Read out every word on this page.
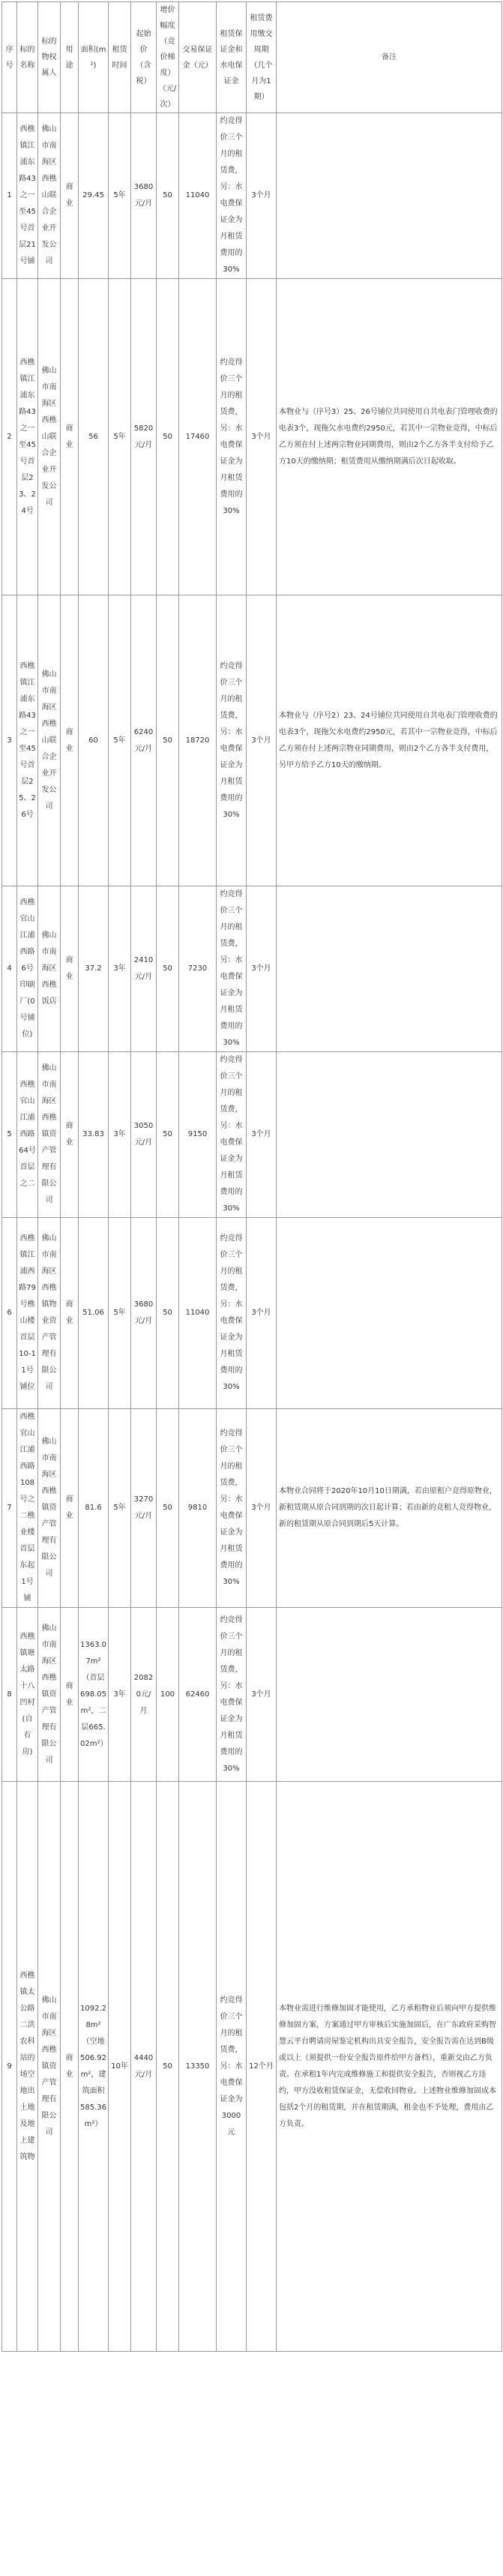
序号	标的名称	标的物权属人	用途	面积(m²)	租赁时间	起始价（含税）	增价幅度（竞价梯度）（元/次）	交易保证金（元）	租赁保证金和水电保证金	租赁费用缴交周期（几个月为1期）	备注
1	西樵镇江浦东路43之一至45号首层21号铺	佛山市南海区西樵山联合企业开发公司	商业	29.45	5年	3680元/月	50	11040	约竞得价三个月的租赁费，另：水电费保证金为月租赁费用的30%	3个月	
2	西樵镇江浦东路43之一至45号首层23、24号	佛山市南海区西樵山联合企业开发公司	商业	56	5年	5820元/月	50	17460	约竞得价三个月的租赁费，另：水电费保证金为月租赁费用的30%	3个月	本物业与（序号3）25、26号铺位共同使用自共电表门管理收费的电表3个，现拖欠水电费约2950元，若其中一宗物业竞得，中标后乙方须在付上述两宗物业同期费用，则由2个乙方各半支付给予乙方10天的缴纳期；租赁费用从缴纳期满后次日起收取。
3	西樵镇江浦东路43之一至45号首层25、26号	佛山市南海区西樵山联合企业开发公司	商业	60	5年	6240元/月	50	18720	约竞得价三个月的租赁费，另：水电费保证金为月租赁费用的30%	3个月	本物业与（序号2）23、24号铺位共同使用自共电表门管理收费的电表3个，现拖欠水电费约2950元，若其中一宗物业竞得，中标后乙方须在付上述两宗物业同期费用，则由2个乙方各半支付费用，另甲方给予乙方10天的缴纳期。
4	西樵官山江浦西路6号印刷厂(0号铺位)	佛山市南海区西樵饭店	商业	37.2	3年	2410元/月	50	7230	约竞得价三个月的租赁费，另：水电费保证金为月租赁费用的30%	3个月	
5	西樵官山江浦西路64号首层之二	佛山市南海区西樵镇资产管理有限公司	商业	33.83	3年	3050元/月	50	9150	约竞得价三个月的租赁费，另：水电费保证金为月租赁费用的30%	3个月	
6	西樵镇江浦西路79号樵山楼首层10-11号铺位	佛山市南海区西樵镇物业资产管理有限公司	商业	51.06	5年	3680元/月	50	11040	约竞得价三个月的租赁费，另：水电费保证金为月租赁费用的30%	3个月	
7	西樵官山江浦西路108号之二樵业楼首层东起1号铺	佛山市南海区西樵镇资产管理有限公司	商业	81.6	5年	3270元/月	50	9810	约竞得价三个月的租赁费，另：水电费保证金为月租赁费用的30%	3个月	本物业合同将于2020年10月10日期满，若由原租户竞得原物业，新租赁期从原合同到期的次日起计算；若由新的竞租人竞得物业，新的租赁期从原合同到期后5天计算。
8	西樵镇塘太路十八凹村(自有房)	佛山市南海区西樵镇资产管理有限公司	商业	1363.07m²（首层698.05m²，二层665.02m²）	3年	20820元/月	100	62460	约竞得价三个月的租赁费，另：水电费保证金为月租赁费用的30%	3个月	
9	西樵镇太公路二洪农科站的场空地出土地及地上建筑物	佛山市南海区西樵镇资产管理有限公司	商业	1092.28m²（空地506.92m²，建筑面积585.36m²）	10年	4440元/月	50	13350	约竞得价三个月的租赁费，另：水电费保证金为3000元	12个月	本物业需进行维修加固才能使用，乙方承租物业后须向甲方提供维修加固方案，方案通过甲方审核后实施加固后，在广东政府采购智慧云平台聘请房屋鉴定机构出具安全报告，安全报告需在达到B级或以上（须提供一份安全报告原件给甲方备档），重新交由乙方负责。在承租1年内完成维修施工和提供安全报告，否则视乙方违约，甲方没收租赁保证金，无偿收回物业。上述物业维修加固成本包括2个月的租赁期，并在租赁期满，租金也不予处理，费用由乙方负责。
